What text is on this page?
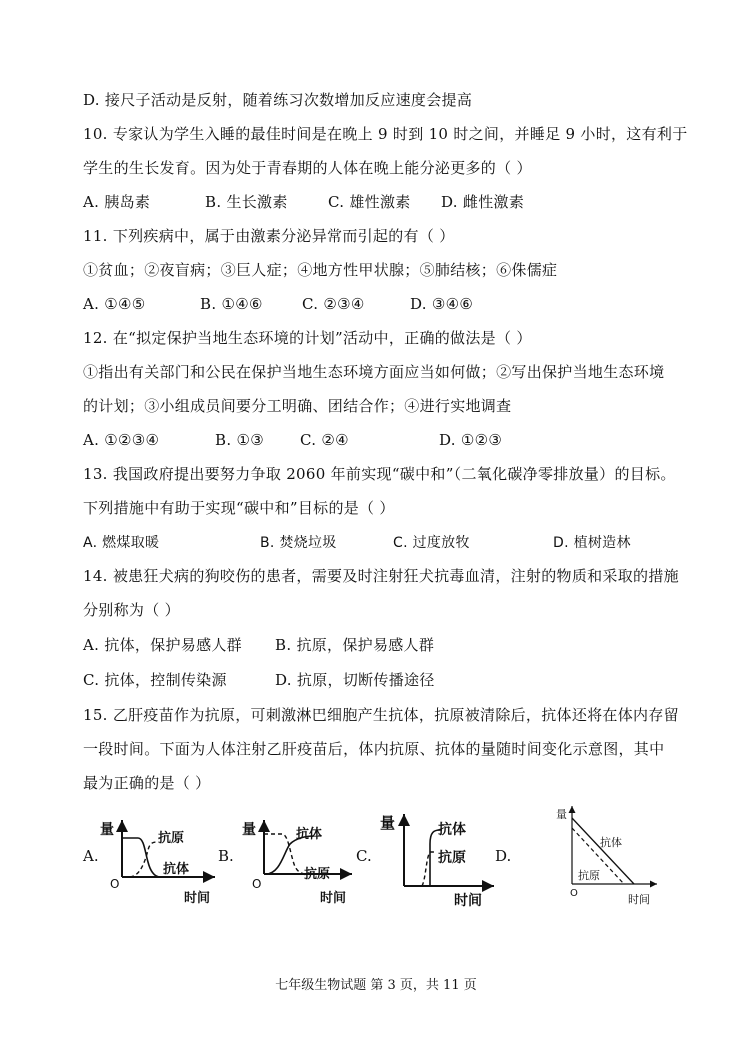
D. 接尺子活动是反射，随着练习次数增加反应速度会提高
10. 专家认为学生入睡的最佳时间是在晚上 9 时到 10 时之间，并睡足 9 小时，这有利于
学生的生长发育。因为处于青春期的人体在晚上能分泌更多的（ ）
A. 胰岛素	B. 生长激素	C. 雄性激素 D. 雌性激素
11. 下列疾病中，属于由激素分泌异常而引起的有（ ）
①贫血；②夜盲病；③巨人症；④地方性甲状腺；⑤肺结核；⑥侏儒症
A. ①④⑤	B. ①④⑥	C. ②③④	D. ③④⑥
12. 在“拟定保护当地生态环境的计划”活动中，正确的做法是（ ）
①指出有关部门和公民在保护当地生态环境方面应当如何做；②写出保护当地生态环境
的计划；③小组成员间要分工明确、团结合作；④进行实地调查
A. ①②③④	B. ①③ C. ②④	D. ①②③
13. 我国政府提出要努力争取 2060 年前实现“碳中和”（二氧化碳净零排放量）的目标。
下列措施中有助于实现“碳中和”目标的是（ ）
A. 燃煤取暖	B. 焚烧垃圾	C. 过度放牧	D. 植树造林
14. 被患狂犬病的狗咬伤的患者，需要及时注射狂犬抗毒血清，注射的物质和采取的措施
分别称为（ ）
A. 抗体，保护易感人群 B. 抗原，保护易感人群
C. 抗体，控制传染源	D. 抗原，切断传播途径
15. 乙肝疫苗作为抗原，可刺激淋巴细胞产生抗体，抗原被清除后，抗体还将在体内存留
一段时间。下面为人体注射乙肝疫苗后，体内抗原、抗体的量随时间变化示意图，其中
最为正确的是（ ）
A.	B.	C.	D.
量
O
时间
抗原
抗体
量
O
时间
抗体
抗原
量
时间
抗体
抗原
量
O	时间
抗体
抗原
七年级生物试题 第 3 页，共 11 页
